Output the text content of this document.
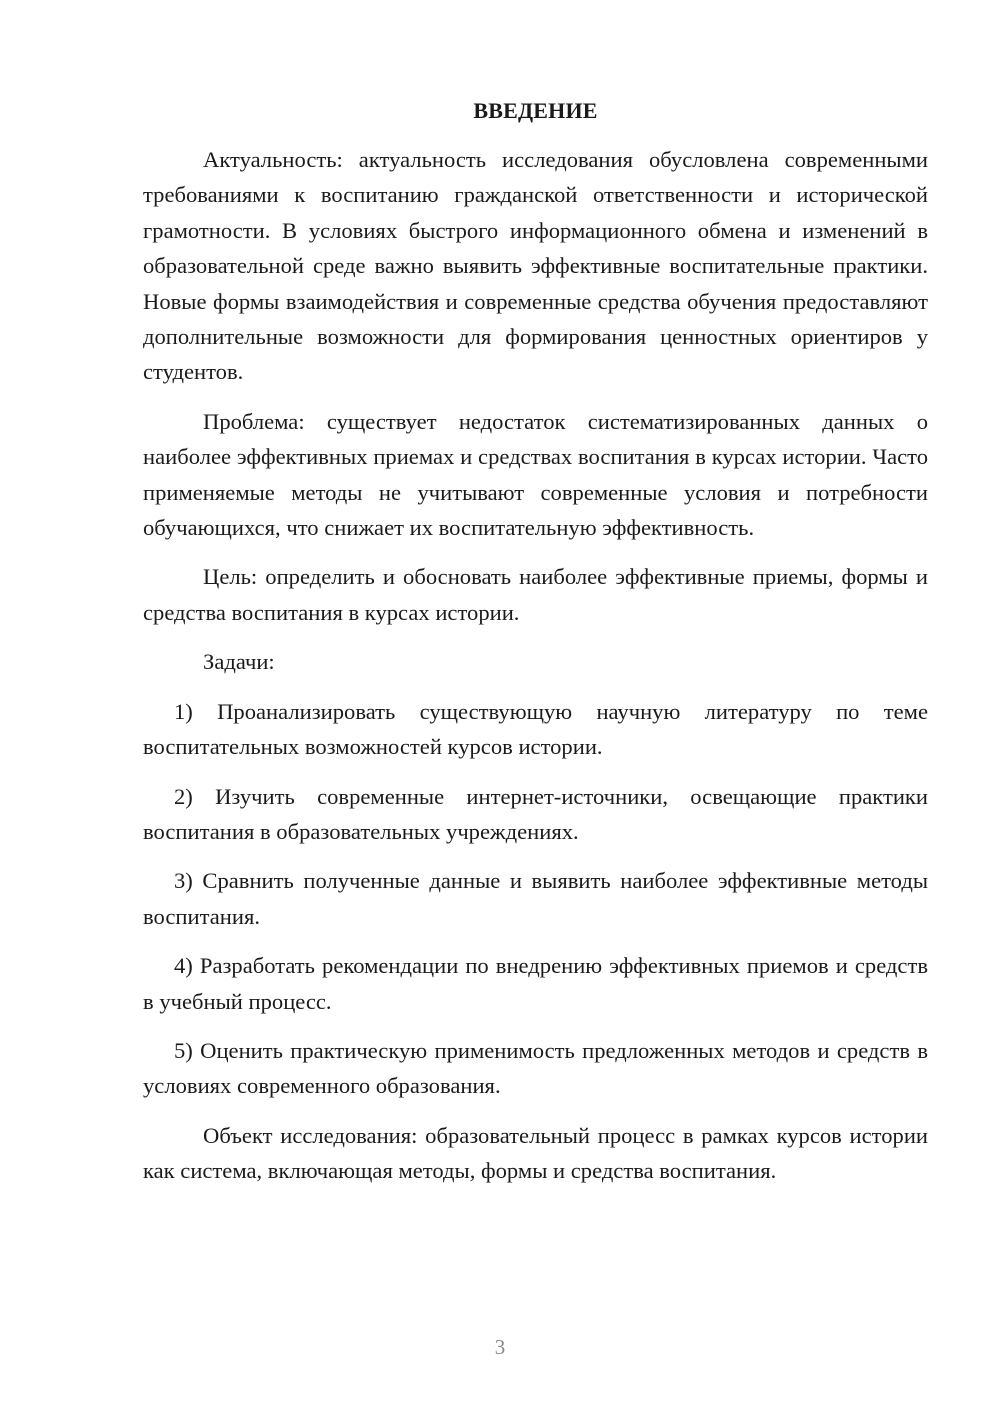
ВВЕДЕНИЕ

Актуальность: актуальность исследования обусловлена современными требованиями к воспитанию гражданской ответственности и исторической грамотности. В условиях быстрого информационного обмена и изменений в образовательной среде важно выявить эффективные воспитательные практики. Новые формы взаимодействия и современные средства обучения предоставляют дополнительные возможности для формирования ценностных ориентиров у студентов.

Проблема: существует недостаток систематизированных данных о наиболее эффективных приемах и средствах воспитания в курсах истории. Часто применяемые методы не учитывают современные условия и потребности обучающихся, что снижает их воспитательную эффективность.

Цель: определить и обосновать наиболее эффективные приемы, формы и средства воспитания в курсах истории.

Задачи:

1) Проанализировать существующую научную литературу по теме воспитательных возможностей курсов истории.

2) Изучить современные интернет-источники, освещающие практики воспитания в образовательных учреждениях.

3) Сравнить полученные данные и выявить наиболее эффективные методы воспитания.

4) Разработать рекомендации по внедрению эффективных приемов и средств в учебный процесс.

5) Оценить практическую применимость предложенных методов и средств в условиях современного образования.

Объект исследования: образовательный процесс в рамках курсов истории как система, включающая методы, формы и средства воспитания.

3
